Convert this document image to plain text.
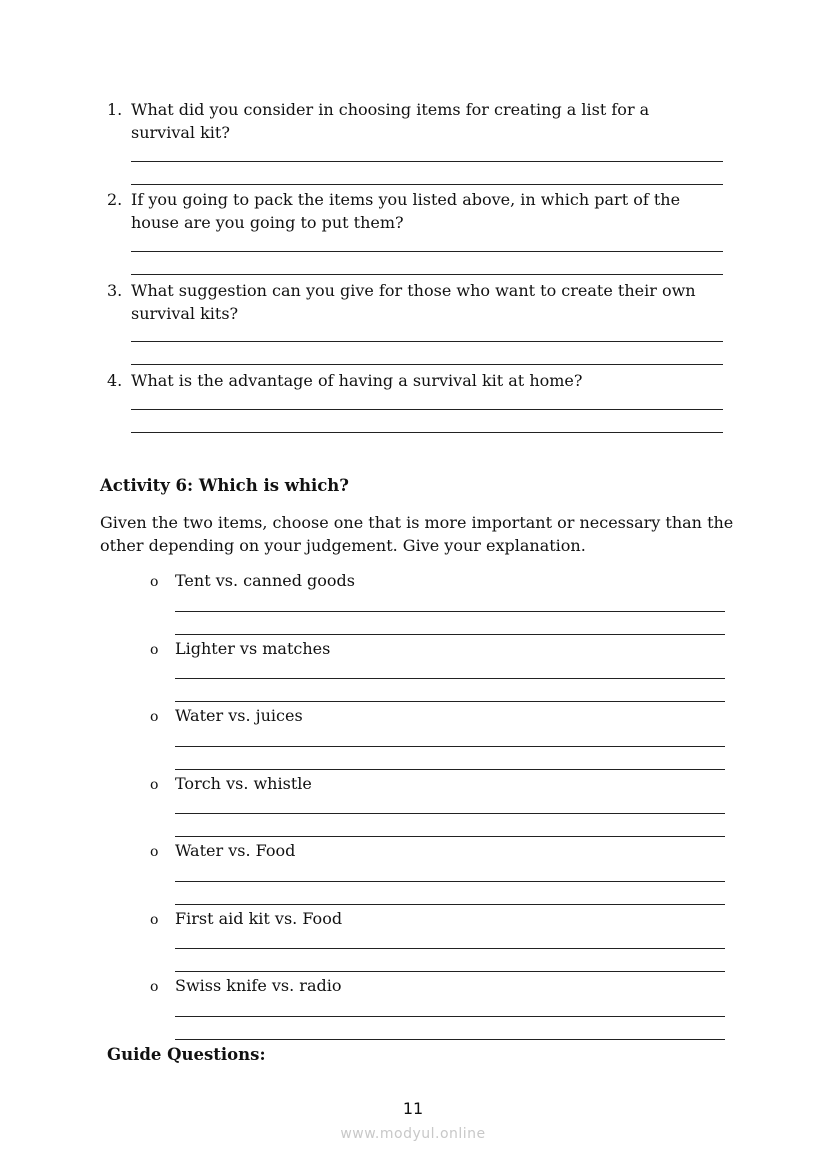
1. What did you consider in choosing items for creating a list for a survival kit?
2. If you going to pack the items you listed above, in which part of the house are you going to put them?
3. What suggestion can you give for those who want to create their own survival kits?
4. What is the advantage of having a survival kit at home?
Activity 6: Which is which?
Given the two items, choose one that is more important or necessary than the other depending on your judgement. Give your explanation.
o Tent vs. canned goods
o Lighter vs matches
o Water vs. juices
o Torch vs. whistle
o Water vs. Food
o First aid kit vs. Food
o Swiss knife vs. radio
Guide Questions:
11
www.modyul.online
